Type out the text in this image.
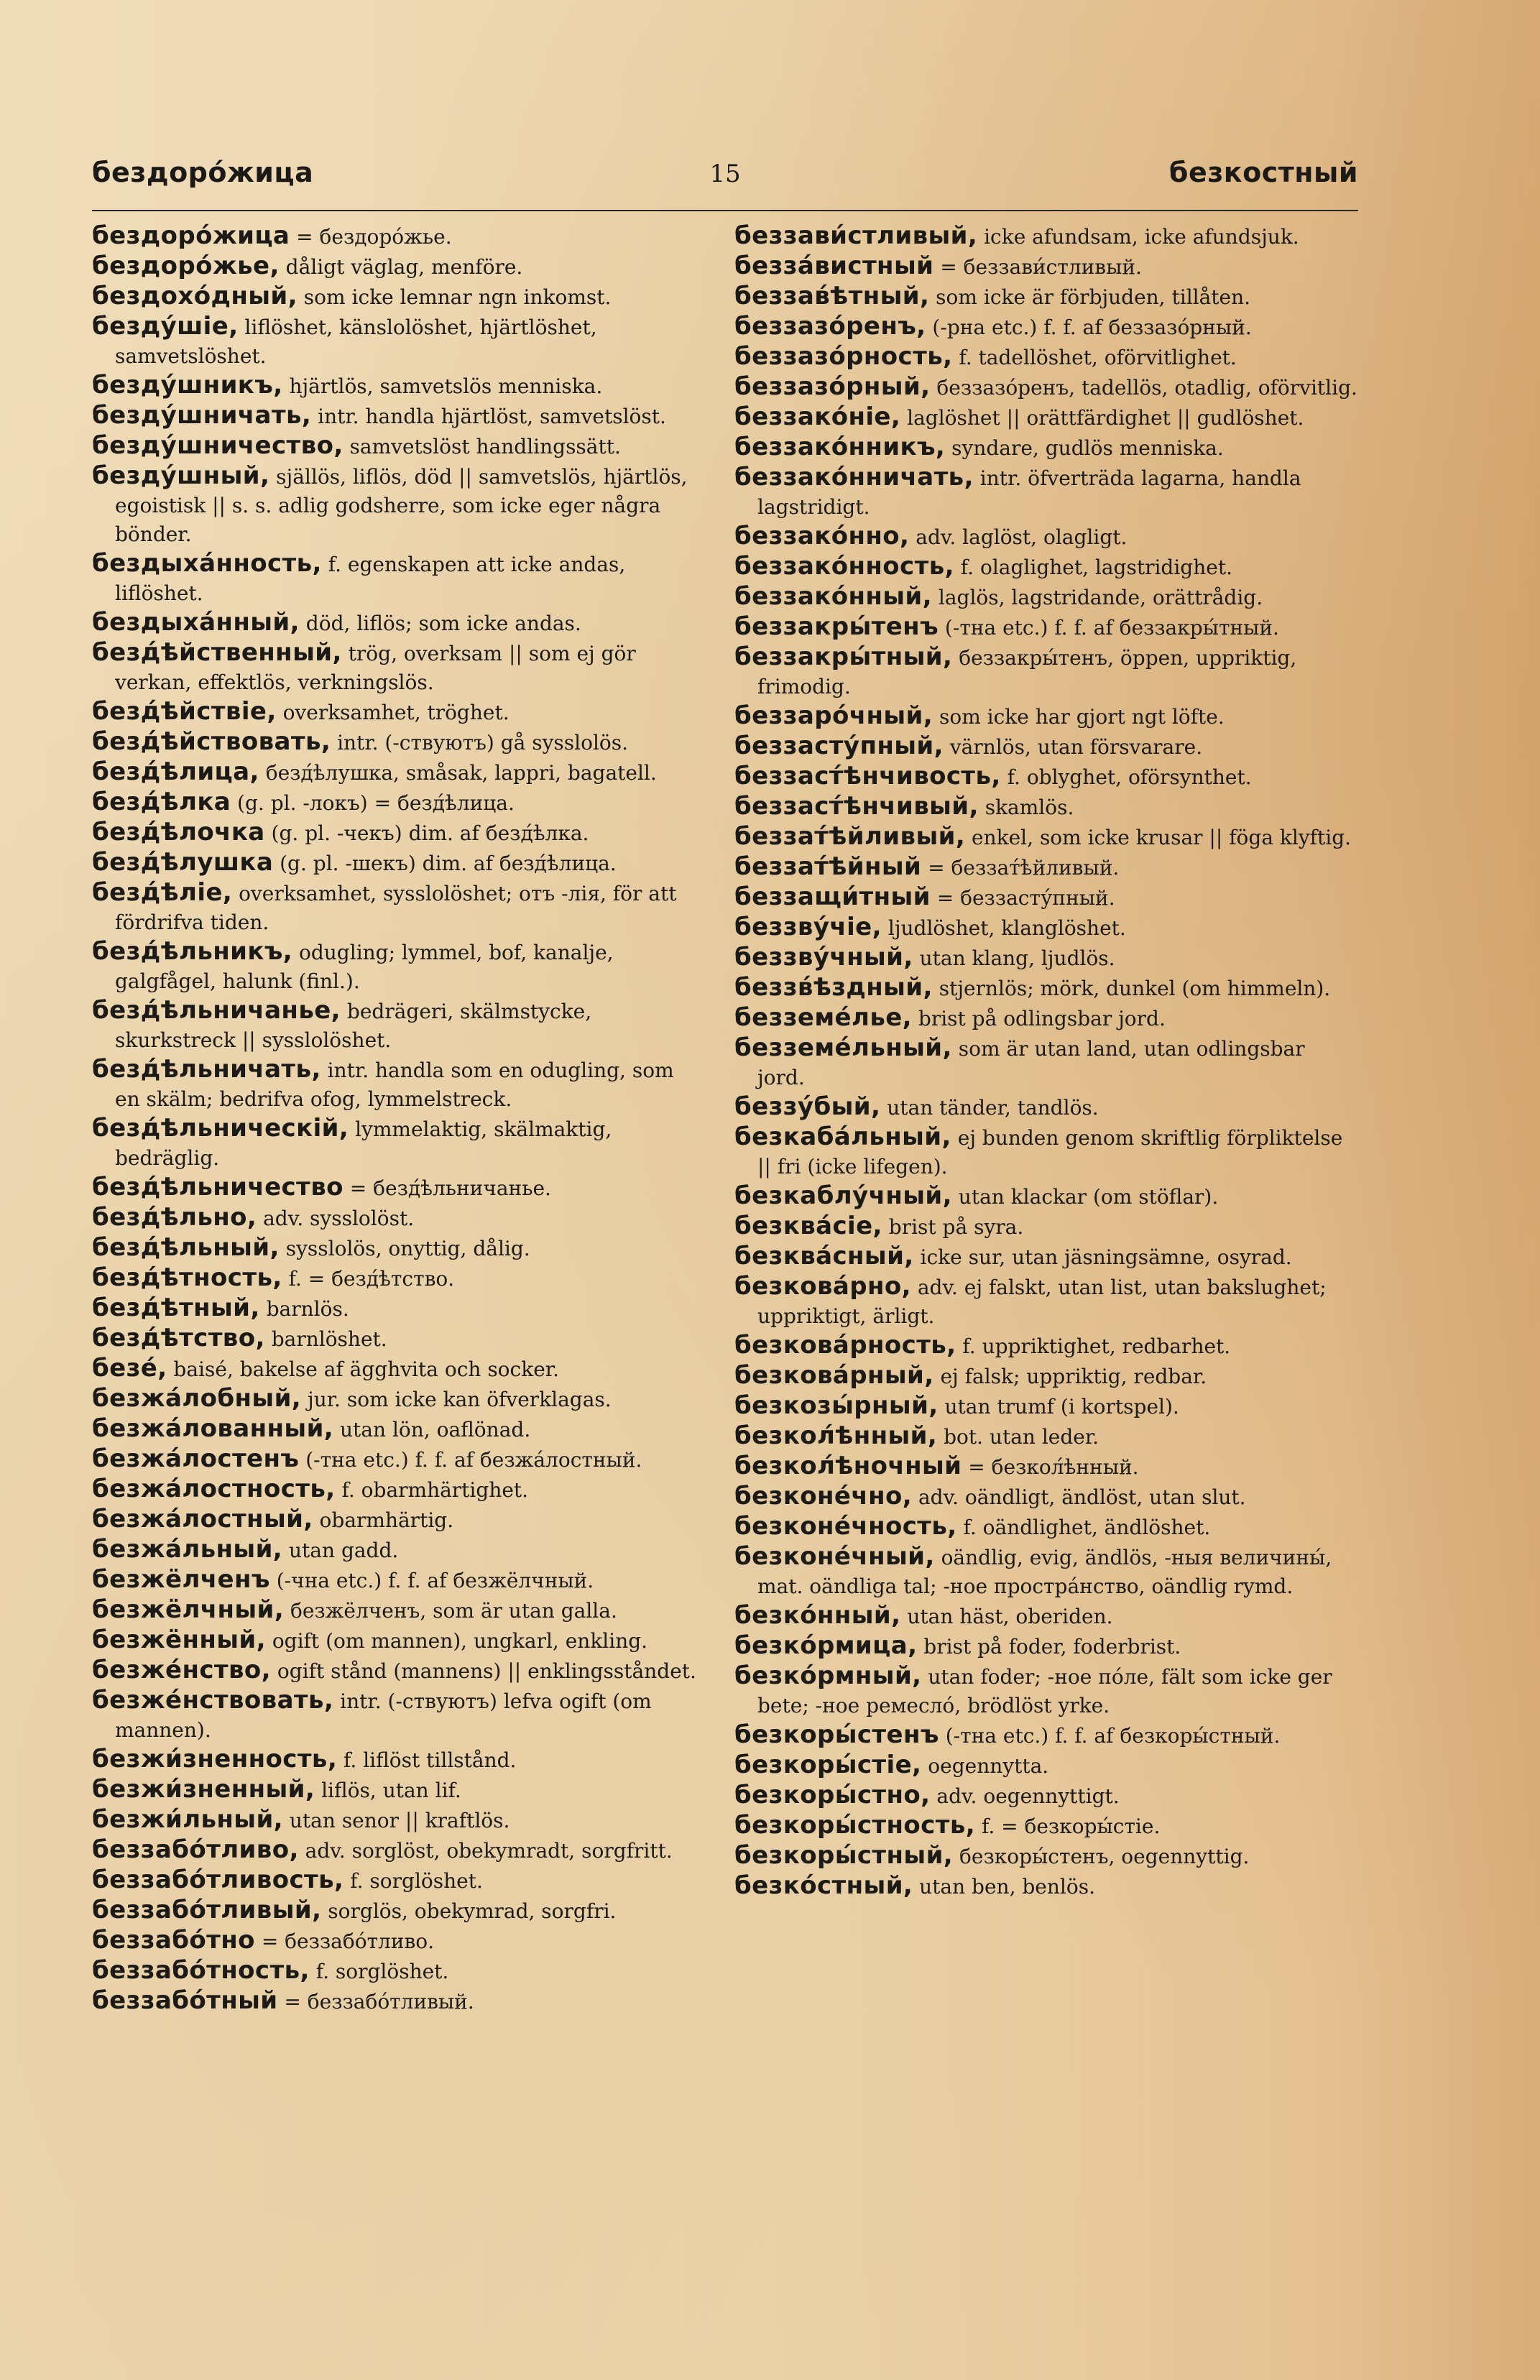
бездоро́жица	15	безкостный

бездоро́жица = бездоро́жье.

бездоро́жье, dåligt väglag, menföre.

бездохо́дный, som icke lemnar ngn inkomst.

безду́шіе, liflöshet, känslolöshet, hjärtlöshet, samvetslöshet.

безду́шникъ, hjärtlös, samvetslös menniska.

безду́шничать, intr. handla hjärtlöst, samvetslöst.

безду́шничество, samvetslöst handlingssätt.

безду́шный, själlös, liflös, död || samvetslös, hjärtlös, egoistisk || s. s. adlig godsherre, som icke eger några bönder.

бездыха́нность, f. egenskapen att icke andas, liflöshet.

бездыха́нный, död, liflös; som icke andas.

безд́ѣйственный, trög, overksam || som ej gör verkan, effektlös, verkningslös.

безд́ѣйствіе, overksamhet, tröghet.

безд́ѣйствовать, intr. (-ствуютъ) gå sysslolös.

безд́ѣлица, безд́ѣлушка, småsak, lappri, bagatell.

безд́ѣлка (g. pl. -локъ) = безд́ѣлица.

безд́ѣлочка (g. pl. -чекъ) dim. af безд́ѣлка.

безд́ѣлушка (g. pl. -шекъ) dim. af безд́ѣлица.

безд́ѣліе, overksamhet, sysslolöshet; отъ -лія, för att fördrifva tiden.

безд́ѣльникъ, odugling; lymmel, bof, kanalje, galgfågel, halunk (finl.).

безд́ѣльничанье, bedrägeri, skälmstycke, skurkstreck || sysslolöshet.

безд́ѣльничать, intr. handla som en odugling, som en skälm; bedrifva ofog, lymmelstreck.

безд́ѣльническій, lymmelaktig, skälmaktig, bedräglig.

безд́ѣльничество = безд́ѣльничанье.

безд́ѣльно, adv. sysslolöst.

безд́ѣльный, sysslolös, onyttig, dålig.

безд́ѣтность, f. = безд́ѣтство.

безд́ѣтный, barnlös.

безд́ѣтство, barnlöshet.

безе́, baisé, bakelse af ägghvita och socker.

безжа́лобный, jur. som icke kan öfverklagas.

безжа́лованный, utan lön, oaflönad.

безжа́лостенъ (-тна etc.) f. f. af безжа́лостный.

безжа́лостность, f. obarmhärtighet.

безжа́лостный, obarmhärtig.

безжа́льный, utan gadd.

безжёлченъ (-чна etc.) f. f. af безжёлчный.

безжёлчный, безжёлченъ, som är utan galla.

безжённый, ogift (om mannen), ungkarl, enkling.

безже́нство, ogift stånd (mannens) || enklingsståndet.

безже́нствовать, intr. (-ствуютъ) lefva ogift (om mannen).

безжи́зненность, f. liflöst tillstånd.

безжи́зненный, liflös, utan lif.

безжи́льный, utan senor || kraftlös.

беззабо́тливо, adv. sorglöst, obekymradt, sorgfritt.

беззабо́тливость, f. sorglöshet.

беззабо́тливый, sorglös, obekymrad, sorgfri.

беззабо́тно = беззабо́тливо.

беззабо́тность, f. sorglöshet.

беззабо́тный = беззабо́тливый.

беззави́стливый, icke afundsam, icke afundsjuk.

безза́вистный = беззави́стливый.

беззав́ѣтный, som icke är förbjuden, tillåten.

беззазо́ренъ, (-рна etc.) f. f. af беззазо́рный.

беззазо́рность, f. tadellöshet, oförvitlighet.

беззазо́рный, беззазо́ренъ, tadellös, otadlig, oförvitlig.

беззако́ніе, laglöshet || orättfärdighet || gudlöshet.

беззако́нникъ, syndare, gudlös menniska.

беззако́нничать, intr. öfverträda lagarna, handla lagstridigt.

беззако́нно, adv. laglöst, olagligt.

беззако́нность, f. olaglighet, lagstridighet.

беззако́нный, laglös, lagstridande, orättrådig.

беззакры́тенъ (-тна etc.) f. f. af беззакры́тный.

беззакры́тный, беззакры́тенъ, öppen, uppriktig, frimodig.

беззаро́чный, som icke har gjort ngt löfte.

беззасту́пный, värnlös, utan försvarare.

беззаст́ѣнчивость, f. oblyghet, oförsynthet.

беззаст́ѣнчивый, skamlös.

беззат́ѣйливый, enkel, som icke krusar || föga klyftig.

беззат́ѣйный = беззат́ѣйливый.

беззащи́тный = беззасту́пный.

беззву́чіе, ljudlöshet, klanglöshet.

беззву́чный, utan klang, ljudlös.

беззв́ѣздный, stjernlös; mörk, dunkel (om himmeln).

безземе́лье, brist på odlingsbar jord.

безземе́льный, som är utan land, utan odlingsbar jord.

беззу́бый, utan tänder, tandlös.

безкаба́льный, ej bunden genom skriftlig förpliktelse || fri (icke lifegen).

безкаблу́чный, utan klackar (om stöflar).

безква́сіе, brist på syra.

безква́сный, icke sur, utan jäsningsämne, osyrad.

безкова́рно, adv. ej falskt, utan list, utan bakslughet; uppriktigt, ärligt.

безкова́рность, f. uppriktighet, redbarhet.

безкова́рный, ej falsk; uppriktig, redbar.

безкозы́рный, utan trumf (i kortspel).

безкол́ѣнный, bot. utan leder.

безкол́ѣночный = безкол́ѣнный.

безконе́чно, adv. oändligt, ändlöst, utan slut.

безконе́чность, f. oändlighet, ändlöshet.

безконе́чный, oändlig, evig, ändlös, -ныя величины́, mat. oändliga tal; -ное простра́нство, oändlig rymd.

безко́нный, utan häst, oberiden.

безко́рмица, brist på foder, foderbrist.

безко́рмный, utan foder; -ное по́ле, fält som icke ger bete; -ное ремесло́, brödlöst yrke.

безкоры́стенъ (-тна etc.) f. f. af безкоры́стный.

безкоры́стіе, oegennytta.

безкоры́стно, adv. oegennyttigt.

безкоры́стность, f. = безкоры́стіе.

безкоры́стный, безкоры́стенъ, oegennyttig.

безко́стный, utan ben, benlös.
